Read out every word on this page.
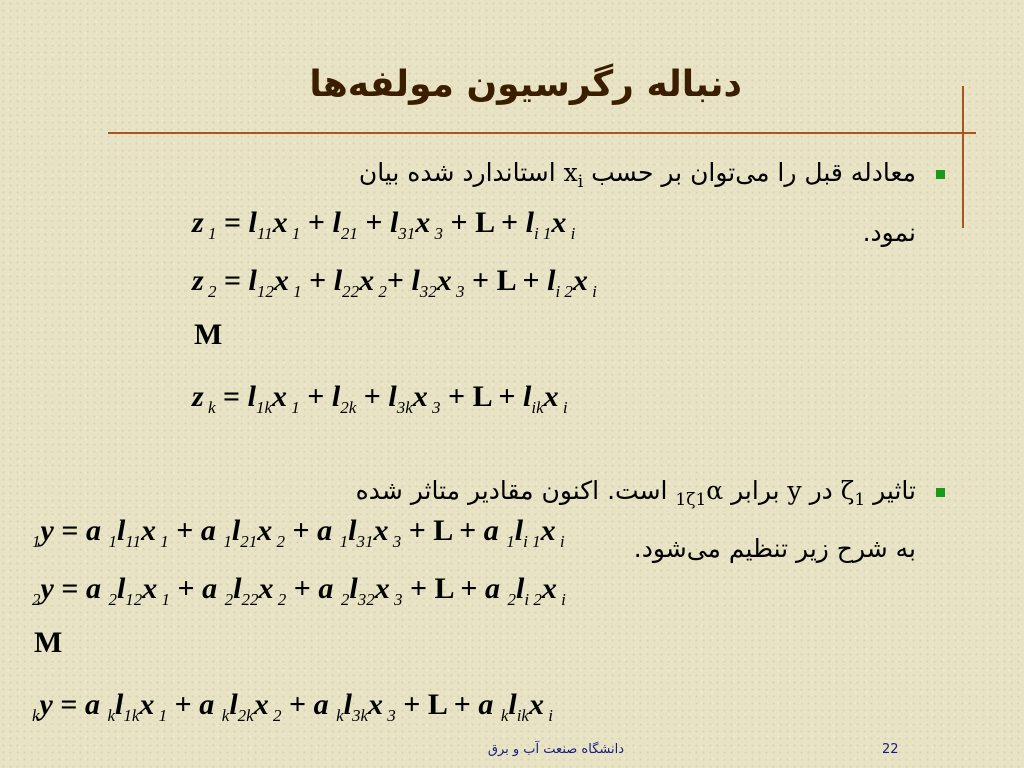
دنباله رگرسیون مولفه‌ها
معادله قبل را می‌توان بر حسب $x_i$ استاندارد شده بیان
نمود.
z $_1 = l_{11}x$ $_1 + l_{21} + l_{31}x$ $_3 + L + l_{i 1}x$ $_i$
z $_2 = l_{12}x$ $_1 + l_{22}x$ $_2+ l_{32}x$ $_3 + L + l_{i 2}x$ $_i$
M
z $_k = l_{1k}x$ $_1 + l_{2k} + l_{3k}x$ $_3 + L + l_{ik}x$ $_i$
تاثیر $\zeta_1$ در y برابر $_{1\zeta 1}$α است. اکنون مقادیر متاثر شده
به شرح زیر تنظیم می‌شود.
$_1$y = a $_1l_{11}x$ $_1$ + a $_1l_{21}x$ $_2$ + a $_1l_{31}x$ $_3$ + L + a $_1l_{i 1}x$ $_i$
$_2$y = a $_2l_{12}x$ $_1$ + a $_2l_{22}x$ $_2$ + a $_2l_{32}x$ $_3$ + L + a $_2l_{i 2}x$ $_i$
M
$_k$y = a $_kl_{1k}x$ $_1$ + a $_kl_{2k}x$ $_2$ + a $_kl_{3k}x$ $_3$ + L + a $_kl_{ik}x$ $_i$
دانشگاه صنعت آب و برق	22
